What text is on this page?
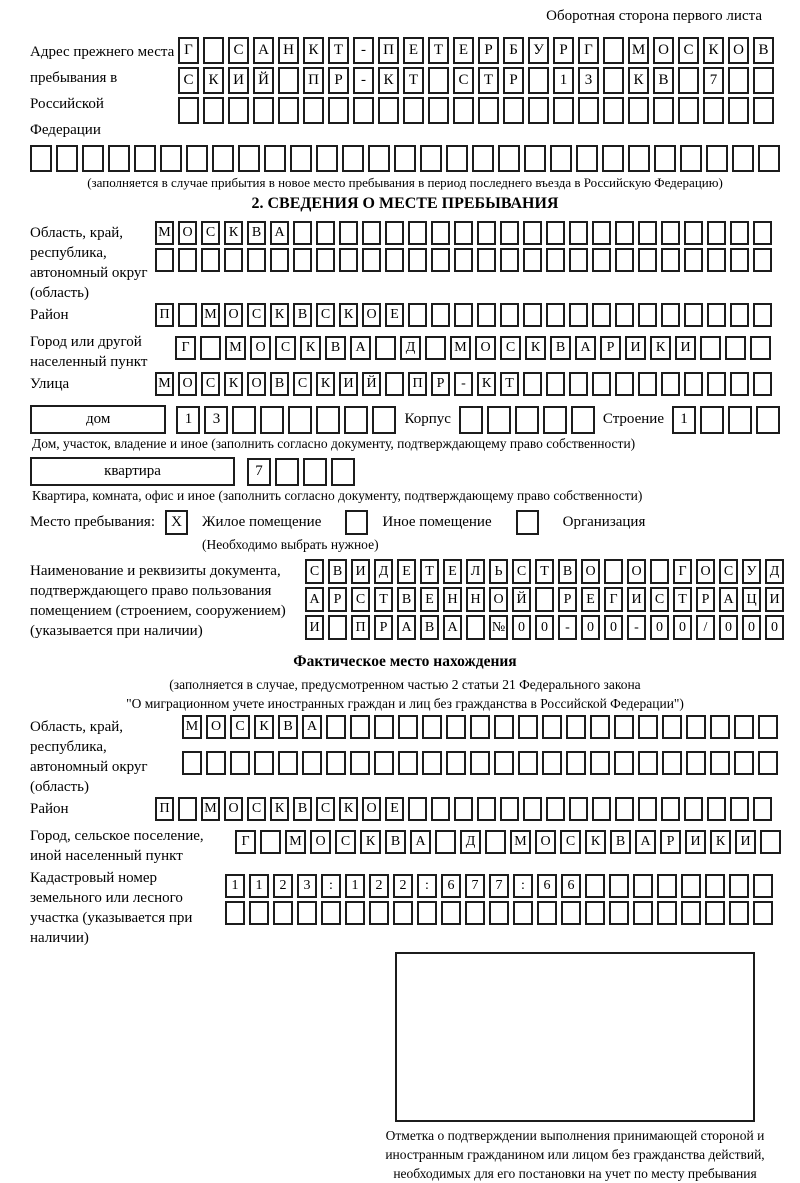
Оборотная сторона первого листа
Адрес прежнего места пребывания в Российской Федерации
Г	С А Н К	Т	-	П Е	Т	Е	Р	Б	У	Р	Г	М О С К О В
С К И Й	П	Р	-	К	Т	С	Т	Р	1	3	К В	7
(заполняется в случае прибытия в новое место пребывания в период последнего въезда в Российскую Федерацию)
2. СВЕДЕНИЯ О МЕСТЕ ПРЕБЫВАНИЯ
Область, край, республика, автономный округ (область)
М О С К В А
Район	П	М О С К В С К О Е
Город или другой населенный пункт
Г	М О	С	К	В	А	Д	М О	С	К	В	А	Р	И	К	И
Улица	М О С К О В С К И Й	П	Р	-	К	Т
дом	1	3	Корпус	Строение	1
Дом, участок, владение и иное (заполнить согласно документу, подтверждающему право собственности)
квартира	7
Квартира, комната, офис и иное (заполнить согласно документу, подтверждающему право собственности)
Место пребывания:	X	Жилое помещение	Иное помещение	Организация
(Необходимо выбрать нужное)
Наименование и реквизиты документа, подтверждающего право пользования помещением (строением, сооружением) (указывается при наличии)
С В И Д Е	Т	Е Л	Ь	С	Т	В О	О	Г О С У Д
А	Р	С	Т	В	Е Н Н О Й	Р	Е	Г И С	Т	Р	А Ц И
И	П	Р	А В А	№ 0	0	-	0	0	-	0	0	/	0	0	0
Фактическое место нахождения
(заполняется в случае, предусмотренном частью 2 статьи 21 Федерального закона
"О миграционном учете иностранных граждан и лиц без гражданства в Российской Федерации")
Область, край, республика, автономный округ (область)
М О	С	К	В	А
Район	П	М О С К В С К О Е
Город, сельское поселение, иной населенный пункт
Г	М О	С	К	В	А	Д	М О	С	К	В	А	Р	И	К	И
Кадастровый номер земельного или лесного участка (указывается при наличии)
1	1	2	3	:	1	2	2	:	6	7	7	:	6	6
Отметка о подтверждении выполнения принимающей стороной и иностранным гражданином или лицом без гражданства действий, необходимых для его постановки на учет по месту пребывания
